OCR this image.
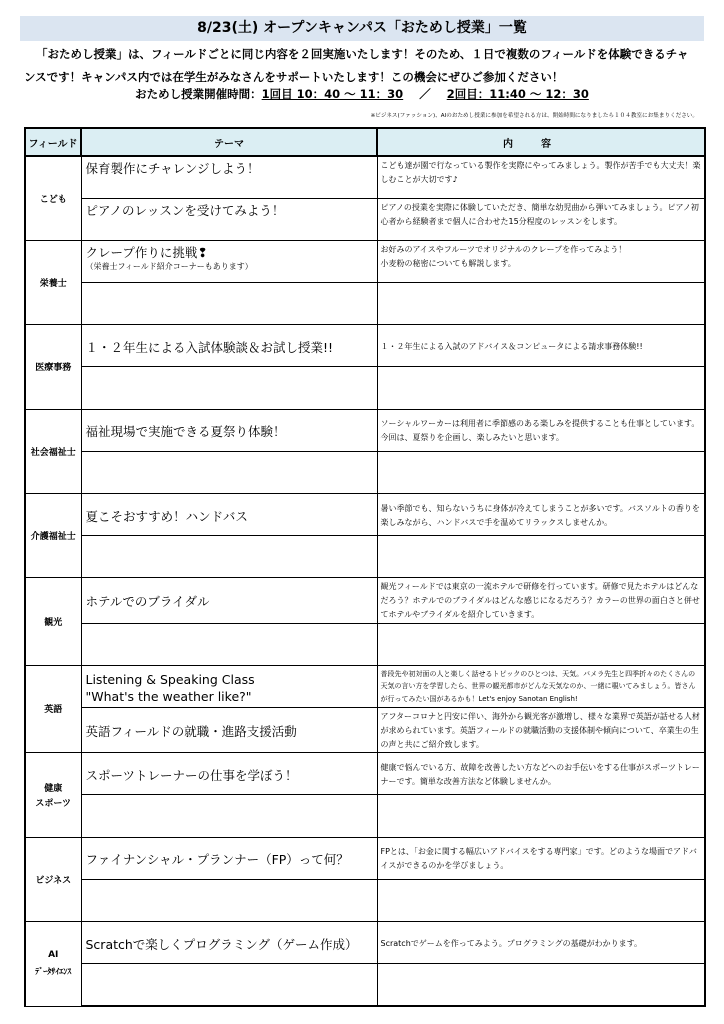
8/23(土) オープンキャンパス「おためし授業」一覧
「おためし授業」は、フィールドごとに同じ内容を２回実施いたします！そのため、１日で複数のフィールドを体験できるチャ
ンスです！キャンパス内では在学生がみなさんをサポートいたします！この機会にぜひご参加ください！
おためし授業開催時間：1回目 10：40 ～ 11：30 ／ 2回目：11:40 ～ 12：30
※ビジネス(ファッション)、AIのおためし授業に参加を希望される方は、開始時間になりましたら１０４教室にお集まりください。
フィールド	テーマ	内容
こども	保育製作にチャレンジしよう！	こども達が園で行なっている製作を実際にやってみましょう。製作が苦手でも大丈夫！楽しむことが大切です♪
	ピアノのレッスンを受けてみよう！	ピアノの授業を実際に体験していただき、簡単な幼児曲から弾いてみましょう。ピアノ初心者から経験者まで個人に合わせた15分程度のレッスンをします。
栄養士	クレープ作りに挑戦❢
（栄養士フィールド紹介コーナーもあります）	お好みのアイスやフルーツでオリジナルのクレープを作ってみよう！
小麦粉の秘密についても解説します。

医療事務	１・２年生による入試体験談＆お試し授業!!	１・２年生による入試のアドバイス＆コンピュータによる請求事務体験!!

社会福祉士	福祉現場で実施できる夏祭り体験！	ソーシャルワーカーは利用者に季節感のある楽しみを提供することも仕事としています。今回は、夏祭りを企画し、楽しみたいと思います。

介護福祉士	夏こそおすすめ！ハンドバス	暑い季節でも、知らないうちに身体が冷えてしまうことが多いです。バスソルトの香りを楽しみながら、ハンドバスで手を温めてリラックスしませんか。

観光	ホテルでのブライダル	観光フィールドでは東京の一流ホテルで研修を行っています。研修で見たホテルはどんなだろう？ホテルでのブライダルはどんな感じになるだろう？カラーの世界の面白さと併せてホテルやブライダルを紹介していきます。

英語	Listening & Speaking Class
"What's the weather like?"	普段先や初対面の人と楽しく話せるトピックのひとつは、天気。バメラ先生と四季折々のたくさんの天気の言い方を学習したら、世界の観光都市がどんな天気なのか、一緒に覗いてみましょう。皆さんが行ってみたい国があるかも！Let's enjoy Sanotan English!
	英語フィールドの就職・進路支援活動	アフターコロナと円安に伴い、海外から観光客が激増し、様々な業界で英語が話せる人材が求められています。英語フィールドの就職活動の支援体制や傾向について、卒業生の生の声と共にご紹介致します。
健康
スポーツ	スポーツトレーナーの仕事を学ぼう！	健康で悩んでいる方、故障を改善したい方などへのお手伝いをする仕事がスポーツトレーナーです。簡単な改善方法など体験しませんか。

ビジネス	ファイナンシャル・プランナー（FP）って何？	FPとは、「お金に関する幅広いアドバイスをする専門家」です。どのような場面でアドバイスができるのかを学びましょう。

AI
ﾃﾞｰﾀｻｲｴﾝｽ	Scratchで楽しくプログラミング（ゲーム作成）	Scratchでゲームを作ってみよう。プログラミングの基礎がわかります。
